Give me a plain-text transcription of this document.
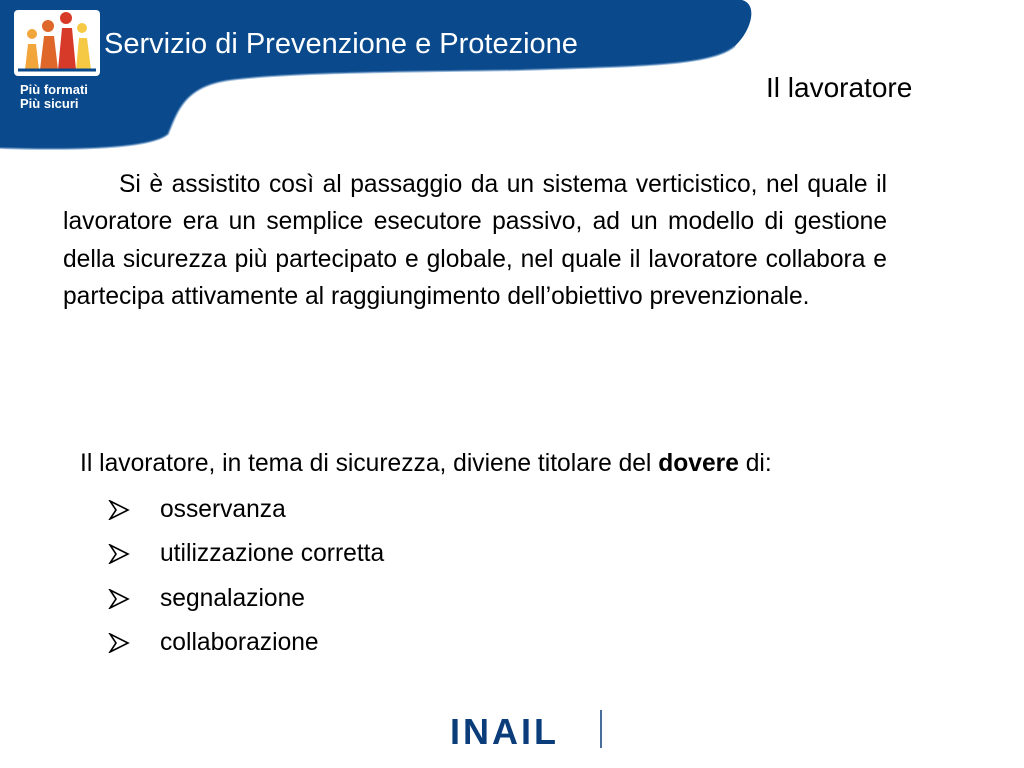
Più formati
Più sicuri
Servizio di Prevenzione e Protezione
Il lavoratore

Si è assistito così al passaggio da un sistema verticistico, nel quale il lavoratore era un semplice esecutore passivo, ad un modello di gestione della sicurezza più partecipato e globale, nel quale il lavoratore collabora e partecipa attivamente al raggiungimento dell’obiettivo prevenzionale.

Il lavoratore, in tema di sicurezza, diviene titolare del dovere di:
osservanza
utilizzazione corretta
segnalazione
collaborazione
INAIL
